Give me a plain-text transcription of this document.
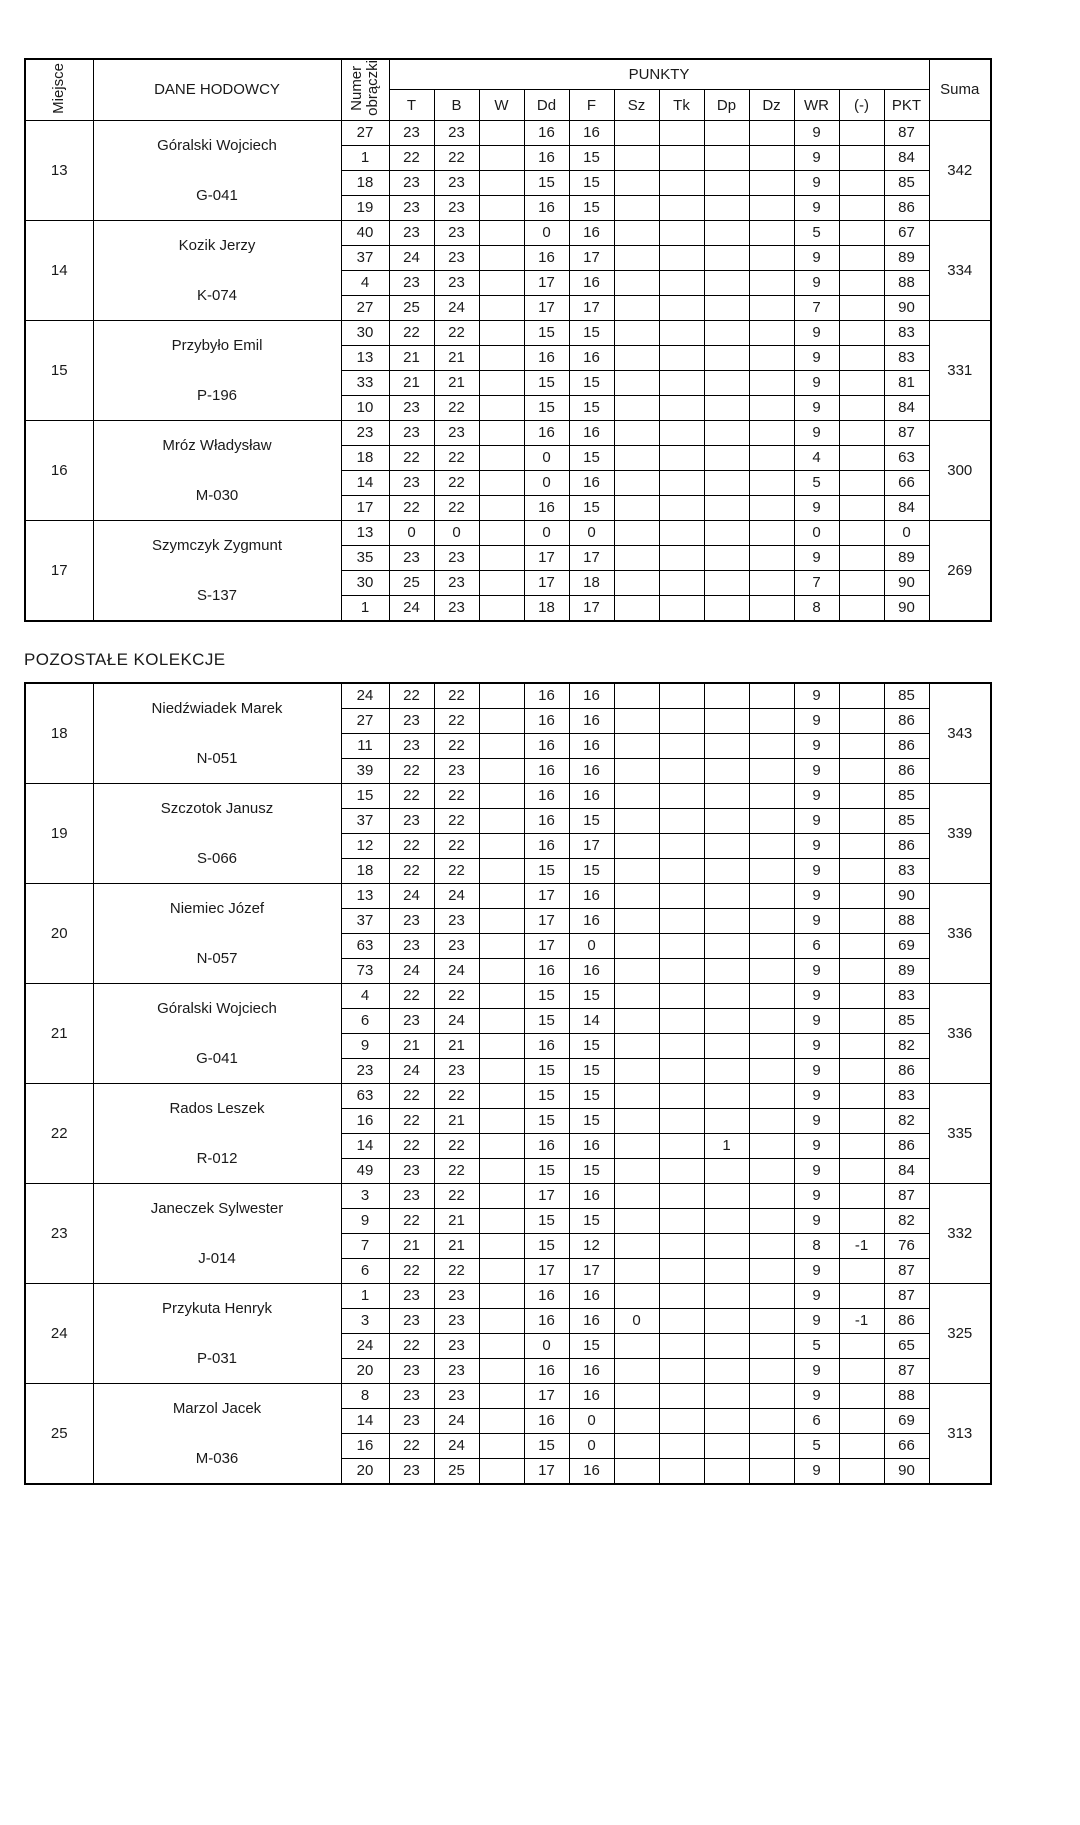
Miejsce	DANE HODOWCY	Numer
obrączki	PUNKTY												Suma
			T	B	W	Dd	F	Sz	Tk	Dp	Dz	WR	(-)	PKT	
13	Góralski Wojciech	27	23	23		16	16					9		87	342
		1	22	22		16	15					9		84	
	G-041	18	23	23		15	15					9		85	
		19	23	23		16	15					9		86	
14	Kozik Jerzy	40	23	23		0	16					5		67	334
		37	24	23		16	17					9		89	
	K-074	4	23	23		17	16					9		88	
		27	25	24		17	17					7		90	
15	Przybyło Emil	30	22	22		15	15					9		83	331
		13	21	21		16	16					9		83	
	P-196	33	21	21		15	15					9		81	
		10	23	22		15	15					9		84	
16	Mróz Władysław	23	23	23		16	16					9		87	300
		18	22	22		0	15					4		63	
	M-030	14	23	22		0	16					5		66	
		17	22	22		16	15					9		84	
17	Szymczyk Zygmunt	13	0	0		0	0					0		0	269
		35	23	23		17	17					9		89	
	S-137	30	25	23		17	18					7		90	
		1	24	23		18	17					8		90	
POZOSTAŁE KOLEKCJE
18	Niedźwiadek Marek	24	22	22		16	16					9		85	343
		27	23	22		16	16					9		86	
	N-051	11	23	22		16	16					9		86	
		39	22	23		16	16					9		86	
19	Szczotok Janusz	15	22	22		16	16					9		85	339
		37	23	22		16	15					9		85	
	S-066	12	22	22		16	17					9		86	
		18	22	22		15	15					9		83	
20	Niemiec Józef	13	24	24		17	16					9		90	336
		37	23	23		17	16					9		88	
	N-057	63	23	23		17	0					6		69	
		73	24	24		16	16					9		89	
21	Góralski Wojciech	4	22	22		15	15					9		83	336
		6	23	24		15	14					9		85	
	G-041	9	21	21		16	15					9		82	
		23	24	23		15	15					9		86	
22	Rados Leszek	63	22	22		15	15					9		83	335
		16	22	21		15	15					9		82	
	R-012	14	22	22		16	16			1		9		86	
		49	23	22		15	15					9		84	
23	Janeczek Sylwester	3	23	22		17	16					9		87	332
		9	22	21		15	15					9		82	
	J-014	7	21	21		15	12					8	-1	76	
		6	22	22		17	17					9		87	
24	Przykuta Henryk	1	23	23		16	16					9		87	325
		3	23	23		16	16	0				9	-1	86	
	P-031	24	22	23		0	15					5		65	
		20	23	23		16	16					9		87	
25	Marzol Jacek	8	23	23		17	16					9		88	313
		14	23	24		16	0					6		69	
	M-036	16	22	24		15	0					5		66	
		20	23	25		17	16					9		90	
